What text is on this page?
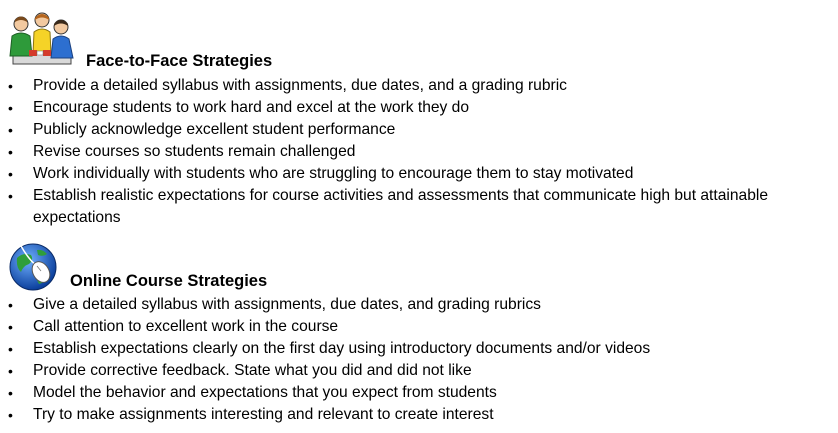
Face-to-Face Strategies
• Provide a detailed syllabus with assignments, due dates, and a grading rubric
• Encourage students to work hard and excel at the work they do
• Publicly acknowledge excellent student performance
• Revise courses so students remain challenged
• Work individually with students who are struggling to encourage them to stay motivated
• Establish realistic expectations for course activities and assessments that communicate high but attainable expectations
Online Course Strategies
• Give a detailed syllabus with assignments, due dates, and grading rubrics
• Call attention to excellent work in the course
• Establish expectations clearly on the first day using introductory documents and/or videos
• Provide corrective feedback. State what you did and did not like
• Model the behavior and expectations that you expect from students
• Try to make assignments interesting and relevant to create interest
